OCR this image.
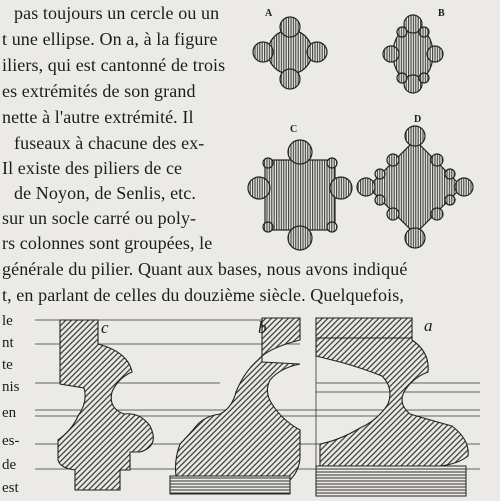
pas toujours un cercle ou un
t une ellipse. On a, à la figure
iliers, qui est cantonné de trois
es extrémités de son grand
nette à l'autre extrémité. Il
fuseaux à chacune des ex-
Il existe des piliers de ce
de Noyon, de Senlis, etc.
sur un socle carré ou poly-
rs colonnes sont groupées, le
générale du pilier. Quant aux bases, nous avons indiqué
t, en parlant de celles du douzième siècle. Quelquefois,
le
nt
te
nis
en
es-
de
est
A	B
C
D
c	b	a
